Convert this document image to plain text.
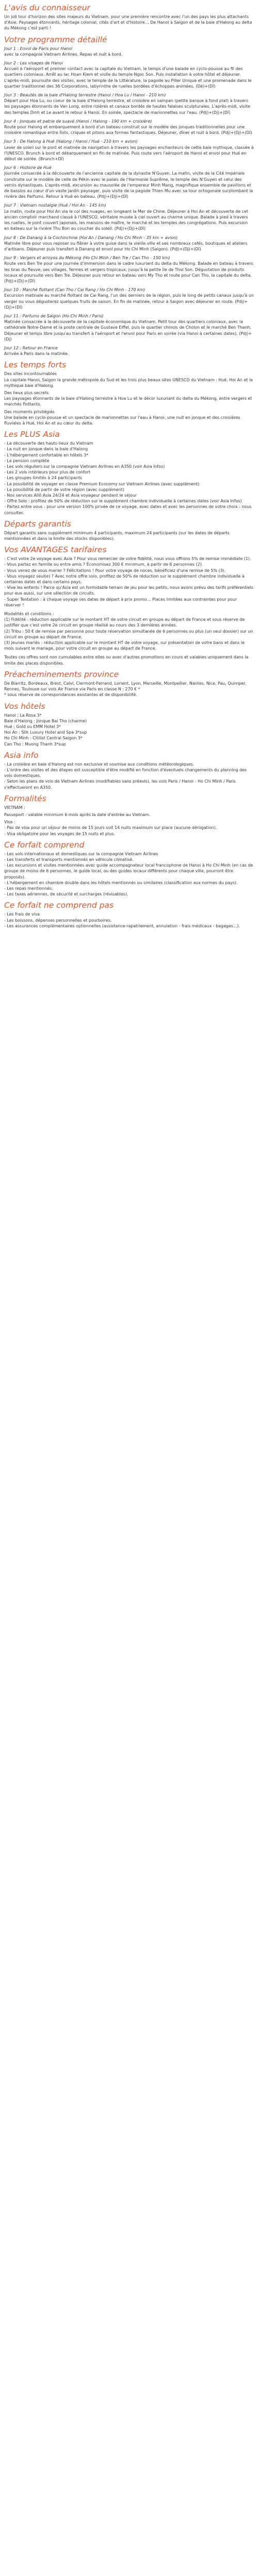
L'avis du connaisseur

Un joli tour d'horizon des sites majeurs du Vietnam, pour une première rencontre avec l'un des pays les plus attachants d'Asie. Paysages étonnants, héritage colonial, cités d'art et d'histoire… De Hanoi à Saigon et de la baie d'Halong au delta du Mékong c'est parti !

Votre programme détaillé
Jour 1 : Envol de Paris pour Hanoi
avec la compagnie Vietnam Airlines. Repas et nuit à bord.
Jour 2 : Les visages de Hanoi
Accueil à l'aéroport et premier contact avec la capitale du Vietnam, le temps d'une balade en cyclo-pousse au fil des quartiers coloniaux. Arrêt au lac Hoan Kiem et visite du temple Ngoc Son. Puis installation à votre hôtel et déjeuner. L'après-midi, poursuite des visites, avec le temple de la Littérature, la pagode au Pilier Unique et une promenade dans le quartier traditionnel des 36 Corporations, labyrinthe de ruelles bordées d'échoppes animées. (Dé)+(Dî)
Jour 3 : Beautés de la baie d'Halong terrestre (Hanoi / Hoa Lu / Hanoi - 210 km)
Départ pour Hoa Lu, ou coeur de la baie d'Halong terrestre, et croisière en sampan (petite barque à fond plat) à travers les paysages étonnants de Van Long, entre rizières et canaux bordés de hautes falaises sculpturales. L'après-midi, visite des temples Dinh et Le avant le retour à Hanoi. En soirée, spectacle de marionnettes sur l'eau. (Pdj)+(Dj)+(Dî)
Jour 4 : Jonques et patrie de suavé (Hanoi / Halong - 190 km + croisière)
Route pour Halong et embarquement à bord d'un bateau construit sur le modèle des jonques traditionnelles pour une croisière romantique entre îlots, criques et pitons aux formes fantastiques. Déjeuner, dîner et nuit à bord. (Pdj)+(Dj)+(Dî)
Jour 5 : De Halong à Hué (Halong / Hanoi / Hué - 210 km + avion)
Lever de soleil sur le pont et matinée de navigation à travers les paysages enchanteurs de cette baie mythique, classée à l'UNESCO. Brunch à bord et débarquement en fin de matinée. Puis route vers l'aéroport de Hanoi et envol pour Hué en début de soirée. (Brunch+Dî)
Jour 6 : Histoire de Hué
Journée consacrée à la découverte de l'ancienne capitale de la dynastie N'Guyen. La matin, visite de la Cité Impériale construite sur le modèle de celle de Pékin avec le palais de l'Harmonie Suprême, le temple des N'Guyen et celui des vernis dynastiques. L'après-midi, excursion au mausolée de l'empereur Minh Mang, magnifique ensemble de pavillons et de bassins au cœur d'un vaste jardin paysager, puis visite de la pagode Thien Mu avec sa tour octogonale surplombant la rivière des Parfums. Retour à Hué en bateau. (Pdj)+(Dj)+(Dî)
Jour 7 : Vietnam nostalgie (Hué / Hoi An - 145 km)
Le matin, route pour Hoi An via le col des nuages, en longeant la Mer de Chine. Déjeuner à Hoi An et découverte de cet ancien comptoir marchand classé à l'UNESCO, véritable musée à ciel ouvert au charme unique. Balade à pied à travers les ruelles, le pont couvert japonais, les maisons de maître, le marché et les temples des congrégations. Puis excursion en bateau sur la rivière Thu Bon au coucher du soleil. (Pdj)+(Dj)+(Dî)
Jour 8 : De Danang à la Cochinchine (Hoi An / Danang / Ho Chi Minh - 35 km + avion)
Matinée libre pour vous reposer ou flâner à votre guise dans la vieille ville et ses nombreux cafés, boutiques et ateliers d'artisans. Déjeuner puis transfert à Danang et envol pour Ho Chi Minh (Saigon). (Pdj)+(Dj)+(Dî)
Jour 9 : Vergers et arroyos du Mékong (Ho Chi Minh / Ben Tre / Can Tho - 150 km)
Route vers Ben Tre pour une journée d'immersion dans le cadre luxuriant du delta du Mékong. Balade en bateau à travers les bras du fleuve, ses villages, fermes et vergers tropicaux, jusqu'à la petite île de Thoi Son. Dégustation de produits locaux et poursuite vers Ben Tre. Déjeuner puis retour en bateau vers My Tho et route pour Can Tho, la capitale du delta. (Pdj)+(Dj)+(Dî)
Jour 10 : Marché flottant (Can Tho / Cai Rang / Ho Chi Minh - 170 km)
Excursion matinale au marché flottant de Cai Rang, l'un des derniers de la région, puis le long de petits canaux jusqu'à un verger ou vous dégusterez quelques fruits de saison. En fin de matinée, retour à Saigon avec déjeuner en route. (Pdj)+(Dj)+(Dî)
Jour 11 : Parfums de Saigon (Ho Chi Minh / Paris)
Matinée consacrée à la découverte de la capitale économique du Vietnam. Petit tour des quartiers coloniaux, avec la cathédrale Notre-Dame et la poste centrale de Gustave Eiffel, puis le quartier chinois de Cholon et le marché Ben Thanh. Déjeuner et temps libre jusqu'au transfert à l'aéroport et l'envol pour Paris en soirée (via Hanoi à certaines dates). (Pdj)+(Dj)
Jour 12 : Retour en France
Arrivée à Paris dans la matinée.
Les temps forts

Des sites incontournables

La capitale Hanoi, Saigon la grande métropole du Sud et les trois plus beaux sites UNESCO du Vietnam : Hué, Hoi An et la mythique baie d'Halong.

Des lieux plus secrets

Les paysages étonnants de la baie d'Halong terrestre à Hoa Lu et le décor luxuriant du delta du Mékong, entre vergers et marchés flottants.

Des moments privilégiés

Une balade en cyclo-pousse et un spectacle de marionnettes sur l'eau à Hanoi, une nuit en jonque et des croisières fluviales à Hué, Hoi An et au cœur du delta.

Les PLUS Asia
- La découverte des hauts-lieux du Vietnam
- La nuit en jonque dans la baie d'Halong
- L'hébergement confortable en hôtels 3*
- La pension complète
- Les vols réguliers sur la compagnie Vietnam Airlines en A350 (voir Asia Infos)
- Les 2 vols intérieurs pour plus de confort
- Les groupes limités à 24 participants
- La possibilité de voyager en classe Premium Economy sur Vietnam Airlines (avec supplément)
- La possibilité de partir de votre région (avec supplément)
- Nos services Allô Asia 24/24 et Asia voyageur pendant le séjour
- Offre Solo : profitez de 50% de réduction sur le supplément chambre individuelle à certaines dates (voir Asia Infos)
- Partez entre vous : pour une version 100% privée de ce voyage, avec dates et avec les personnes de votre choix : nous consulter.
Départs garantis

Départ garantis sans supplément minimum 4 participants, maximum 24 participants (sur les dates de départs mentionnées et dans la limite des stocks disponibles).

Vos AVANTAGES tarifaires
- C'est votre 2e voyage avec Asia ? Pour vous remercier de votre fidélité, nous vous offrons 5% de remise immédiate (1).
- Vous partez en famille ou entre amis ? Économisez 300 € minimum, à partir de 6 personnes (2).
- Vous venez de vous marier ? Félicitations ! Pour votre voyage de noces, bénéficiez d'une remise de 5% (3).
- Vous voyagez seul(e) ? Avec notre offre solo, profitez de 50% de réduction sur le supplément chambre individuelle à certaines dates et dans certains pays.
- Vive les enfants ! Parce qu'Asia est un formidable terrain de jeu pour les petits, nous avons prévu des tarifs préférentiels pour eux aussi, sur une sélection de circuits.
- Super Tentation : à chaque voyage ses dates de départ à prix promo… Places limitées aux contraintes pour pour réserver !

Modalités et conditions :

(1) Fidélité : réduction applicable sur le montant HT de votre circuit en groupe au départ de France et sous réserve de justifier que c'est votre 2e circuit en groupe réalisé au cours des 3 dernières années.
(2) Tribu : 50 € de remise par personne pour toute réservation simultanée de 6 personnes ou plus (un seul dossier) sur un circuit en groupe au départ de France.
(3) Jeunes mariés : réduction applicable sur le montant HT de votre voyage, sur présentation de votre bans et dans le mois suivant le mariage, pour votre circuit en groupe au départ de France.

Toutes ces offres sont non cumulables entre elles ou avec d'autres promotions en cours et valables uniquement dans la limite des places disponibles.

Préacheminements province

De Biarritz, Bordeaux, Brest, Calvi, Clermont-Ferrand, Lorient, Lyon, Marseille, Montpellier, Nantes, Nice, Pau, Quimper, Rennes, Toulouse sur vols Air France via Paris en classe N : 270 € *

* sous réserve de correspondances existantes et de disponibilité.

Vos hôtels
Hanoi : La Rosa 3*
Baie d'Halong : Jonque Bai Tho (charme)
Hué : Gold ou EMM Hotel 3*
Hoi An : Silk Luxury Hotel and Spa 3*sup
Ho Chi Minh : Citilist Central Saigon 3*
Can Tho : Muong Thanh 3*sup
Asia info
- La croisière en baie d'Halong est non exclusive et soumise aux conditions météorologiques.
- L'ordre des visites et des étapes est susceptible d'être modifié en fonction d'éventuels changements du planning des vols domestiques.
- Selon les plans de vols de Vietnam Airlines (modifiables sans préavis), les vols Paris / Hanoi - Ho Chi Minh / Paris s'effectueront en A350.
Formalités

VIETNAM :

Passeport : valable minimum 6 mois après la date d'entrée au Vietnam.

Visa :

- Pas de visa pour un séjour de moins de 15 jours soit 14 nuits maximum sur place (aucune dérogation).
- Visa obligatoire pour les voyages de 15 nuits et plus.
Ce forfait comprend
- Les vols internationaux et domestiques sur la compagnie Vietnam Airlines
- Les transferts et transports mentionnés en véhicule climatisé.
- Les excursions et visites mentionnées avec guide accompagnateur local francophone de Hanoi à Ho Chi Minh (en cas de groupe de moins de 6 personnes, le guide local, ou des guides locaux différents pour chaque ville, pourront être proposés).
- L'hébergement en chambre double dans les hôtels mentionnés ou similaires (classification aux normes du pays).
- Les repas mentionnés.
- Les taxes aériennes, de sécurité et surcharges (révisables).
Ce forfait ne comprend pas
- Les frais de visa
- Les boissons, dépenses personnelles et pourboires.
- Les assurances complémentaires optionnelles (assistance-rapatriement, annulation - frais médicaux - bagages...).
